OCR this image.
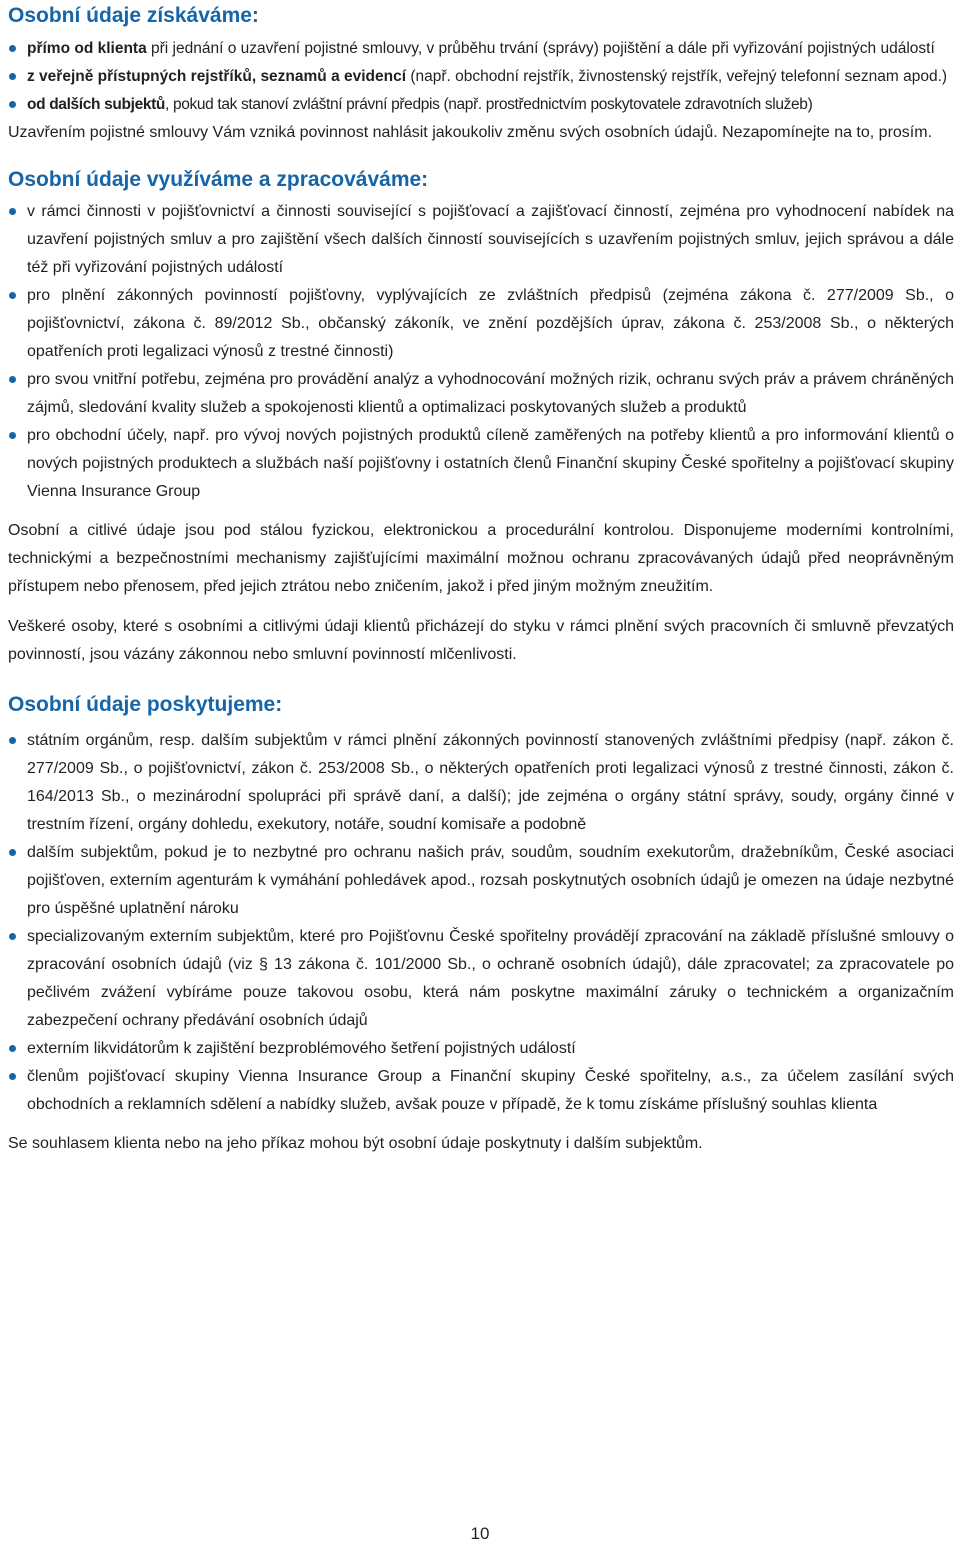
Osobní údaje získáváme:
přímo od klienta při jednání o uzavření pojistné smlouvy, v průběhu trvání (správy) pojištění a dále při vyřizování pojistných událostí
z veřejně přístupných rejstříků, seznamů a evidencí (např. obchodní rejstřík, živnostenský rejstřík, veřejný telefonní seznam apod.)
od dalších subjektů, pokud tak stanoví zvláštní právní předpis (např. prostřednictvím poskytovatele zdravotních služeb)

Uzavřením pojistné smlouvy Vám vzniká povinnost nahlásit jakoukoliv změnu svých osobních údajů. Nezapomínejte na to, prosím.

Osobní údaje využíváme a zpracováváme:
v rámci činnosti v pojišťovnictví a činnosti související s pojišťovací a zajišťovací činností, zejména pro vyhodnocení nabídek na uzavření pojistných smluv a pro zajištění všech dalších činností souvisejících s uzavřením pojistných smluv, jejich správou a dále též při vyřizování pojistných událostí
pro plnění zákonných povinností pojišťovny, vyplývajících ze zvláštních předpisů (zejména zákona č. 277/2009 Sb., o pojišťovnictví, zákona č. 89/2012 Sb., občanský zákoník, ve znění pozdějších úprav, zákona č. 253/2008 Sb., o některých opatřeních proti legalizaci výnosů z trestné činnosti)
pro svou vnitřní potřebu, zejména pro provádění analýz a vyhodnocování možných rizik, ochranu svých práv a právem chráněných zájmů, sledování kvality služeb a spokojenosti klientů a optimalizaci poskytovaných služeb a produktů
pro obchodní účely, např. pro vývoj nových pojistných produktů cíleně zaměřených na potřeby klientů a pro informování klientů o nových pojistných produktech a službách naší pojišťovny i ostatních členů Finanční skupiny České spořitelny a pojišťovací skupiny Vienna Insurance Group

Osobní a citlivé údaje jsou pod stálou fyzickou, elektronickou a procedurální kontrolou. Disponujeme moderními kontrolními, technickými a bezpečnostními mechanismy zajišťujícími maximální možnou ochranu zpracovávaných údajů před neoprávněným přístupem nebo přenosem, před jejich ztrátou nebo zničením, jakož i před jiným možným zneužitím.

Veškeré osoby, které s osobními a citlivými údaji klientů přicházejí do styku v rámci plnění svých pracovních či smluvně převzatých povinností, jsou vázány zákonnou nebo smluvní povinností mlčenlivosti.

Osobní údaje poskytujeme:
státním orgánům, resp. dalším subjektům v rámci plnění zákonných povinností stanovených zvláštními předpisy (např. zákon č. 277/2009 Sb., o pojišťovnictví, zákon č. 253/2008 Sb., o některých opatřeních proti legalizaci výnosů z trestné činnosti, zákon č. 164/2013 Sb., o mezinárodní spolupráci při správě daní, a další); jde zejména o orgány státní správy, soudy, orgány činné v trestním řízení, orgány dohledu, exekutory, notáře, soudní komisaře a podobně
dalším subjektům, pokud je to nezbytné pro ochranu našich práv, soudům, soudním exekutorům, dražebníkům, České asociaci pojišťoven, externím agenturám k vymáhání pohledávek apod., rozsah poskytnutých osobních údajů je omezen na údaje nezbytné pro úspěšné uplatnění nároku
specializovaným externím subjektům, které pro Pojišťovnu České spořitelny provádějí zpracování na základě příslušné smlouvy o zpracování osobních údajů (viz § 13 zákona č. 101/2000 Sb., o ochraně osobních údajů), dále zpracovatel; za zpracovatele po pečlivém zvážení vybíráme pouze takovou osobu, která nám poskytne maximální záruky o technickém a organizačním zabezpečení ochrany předávání osobních údajů
externím likvidátorům k zajištění bezproblémového šetření pojistných událostí
členům pojišťovací skupiny Vienna Insurance Group a Finanční skupiny České spořitelny, a.s., za účelem zasílání svých obchodních a reklamních sdělení a nabídky služeb, avšak pouze v případě, že k tomu získáme příslušný souhlas klienta

Se souhlasem klienta nebo na jeho příkaz mohou být osobní údaje poskytnuty i dalším subjektům.

10
